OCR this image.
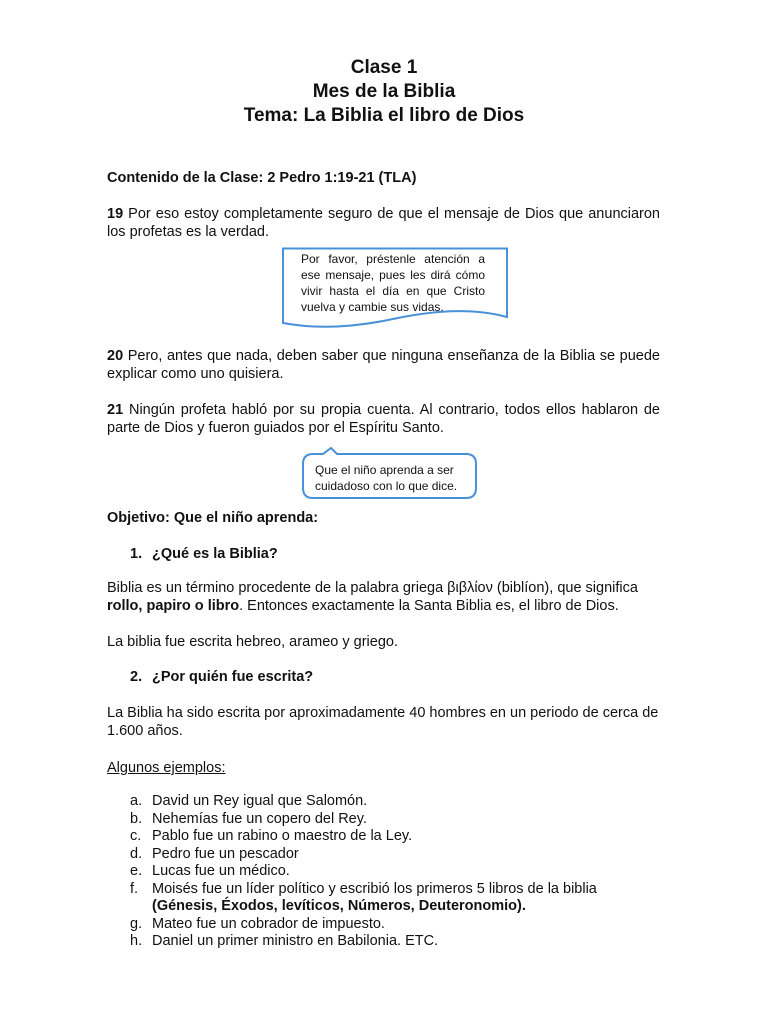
Clase 1
Mes de la Biblia
Tema: La Biblia el libro de Dios
Contenido de la Clase: 2 Pedro 1:19-21 (TLA)
19 Por eso estoy completamente seguro de que el mensaje de Dios que anunciaron los profetas es la verdad.
Por favor, préstenle atención a ese mensaje, pues les dirá cómo vivir hasta el día en que Cristo vuelva y cambie sus vidas.
20 Pero, antes que nada, deben saber que ninguna enseñanza de la Biblia se puede explicar como uno quisiera.
21 Ningún profeta habló por su propia cuenta. Al contrario, todos ellos hablaron de parte de Dios y fueron guiados por el Espíritu Santo.
Que el niño aprenda a ser cuidadoso con lo que dice.
Objetivo: Que el niño aprenda:
1. ¿Qué es la Biblia?
Biblia es un término procedente de la palabra griega βιβλίον (biblíon), que significa rollo, papiro o libro. Entonces exactamente la Santa Biblia es, el libro de Dios.
La biblia fue escrita hebreo, arameo y griego.
2. ¿Por quién fue escrita?
La Biblia ha sido escrita por aproximadamente 40 hombres en un periodo de cerca de 1.600 años.
Algunos ejemplos:
a. David un Rey igual que Salomón.
b. Nehemías fue un copero del Rey.
c. Pablo fue un rabino o maestro de la Ley.
d. Pedro fue un pescador
e. Lucas fue un médico.
f. Moisés fue un líder político y escribió los primeros 5 libros de la biblia
(Génesis, Éxodos, levíticos, Números, Deuteronomio).
g. Mateo fue un cobrador de impuesto.
h. Daniel un primer ministro en Babilonia. ETC.
